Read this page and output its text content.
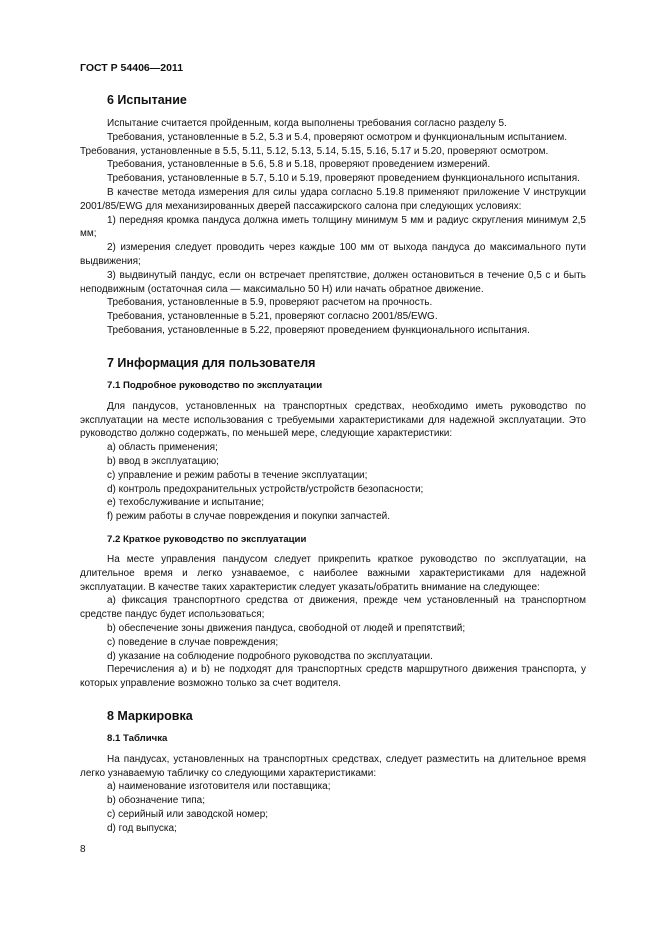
ГОСТ Р 54406—2011
6 Испытание

Испытание считается пройденным, когда выполнены требования согласно разделу 5.

Требования, установленные в 5.2, 5.3 и 5.4, проверяют осмотром и функциональным испытанием.

Требования, установленные в 5.5, 5.11, 5.12, 5.13, 5.14, 5.15, 5.16, 5.17 и 5.20, проверяют осмотром.

Требования, установленные в 5.6, 5.8 и 5.18, проверяют проведением измерений.

Требования, установленные в 5.7, 5.10 и 5.19, проверяют проведением функционального испытания.

В качестве метода измерения для силы удара согласно 5.19.8 применяют приложение V инструкции 2001/85/EWG для механизированных дверей пассажирского салона при следующих условиях:

1) передняя кромка пандуса должна иметь толщину минимум 5 мм и радиус скругления минимум 2,5 мм;

2) измерения следует проводить через каждые 100 мм от выхода пандуса до максимального пути выдвижения;

3) выдвинутый пандус, если он встречает препятствие, должен остановиться в течение 0,5 с и быть неподвижным (остаточная сила — максимально 50 Н) или начать обратное движение.

Требования, установленные в 5.9, проверяют расчетом на прочность.

Требования, установленные в 5.21, проверяют согласно 2001/85/EWG.

Требования, установленные в 5.22, проверяют проведением функционального испытания.

7 Информация для пользователя
7.1 Подробное руководство по эксплуатации

Для пандусов, установленных на транспортных средствах, необходимо иметь руководство по эксплуатации на месте использования с требуемыми характеристиками для надежной эксплуатации. Это руководство должно содержать, по меньшей мере, следующие характеристики:

a) область применения;

b) ввод в эксплуатацию;

c) управление и режим работы в течение эксплуатации;

d) контроль предохранительных устройств/устройств безопасности;

e) техобслуживание и испытание;

f) режим работы в случае повреждения и покупки запчастей.

7.2 Краткое руководство по эксплуатации

На месте управления пандусом следует прикрепить краткое руководство по эксплуатации, на длительное время и легко узнаваемое, с наиболее важными характеристиками для надежной эксплуатации. В качестве таких характеристик следует указать/обратить внимание на следующее:

a) фиксация транспортного средства от движения, прежде чем установленный на транспортном средстве пандус будет использоваться;

b) обеспечение зоны движения пандуса, свободной от людей и препятствий;

c) поведение в случае повреждения;

d) указание на соблюдение подробного руководства по эксплуатации.

Перечисления а) и b) не подходят для транспортных средств маршрутного движения транспорта, у которых управление возможно только за счет водителя.

8 Маркировка
8.1 Табличка

На пандусах, установленных на транспортных средствах, следует разместить на длительное время легко узнаваемую табличку со следующими характеристиками:

a) наименование изготовителя или поставщика;

b) обозначение типа;

c) серийный или заводской номер;

d) год выпуска;

8
